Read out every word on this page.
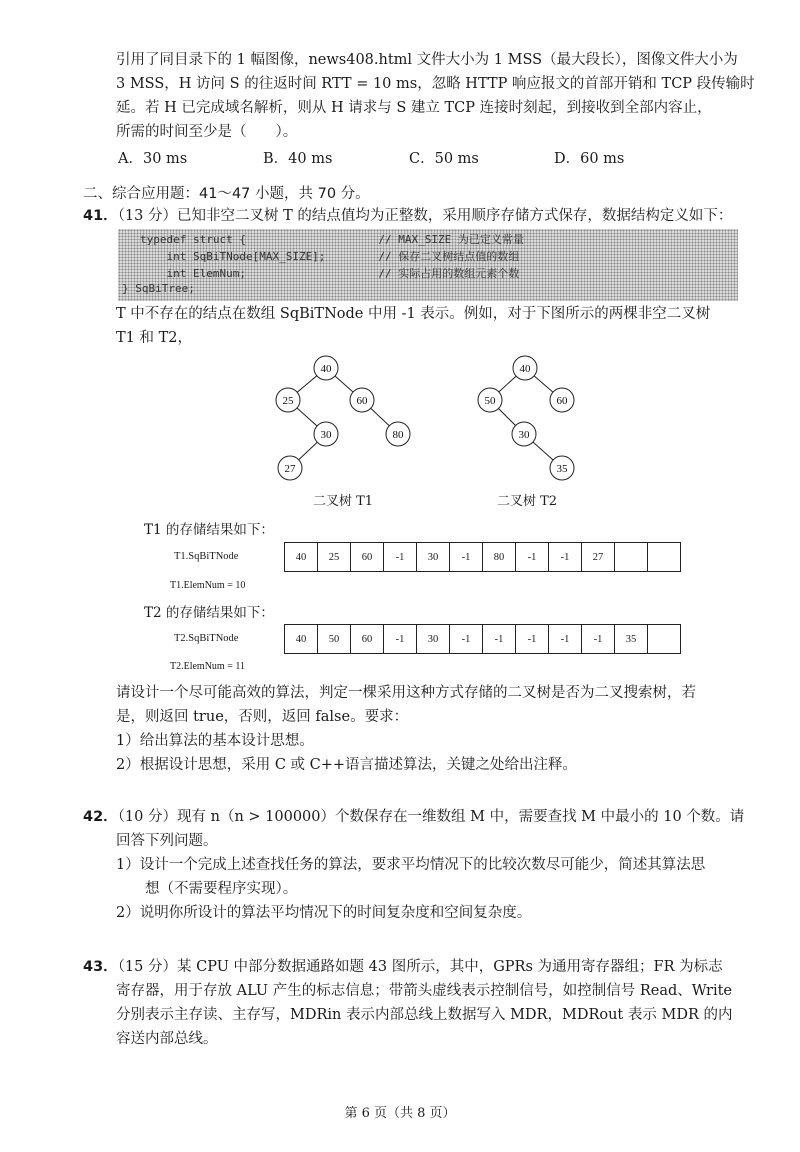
引用了同目录下的 1 幅图像，news408.html 文件大小为 1 MSS（最大段长），图像文件大小为

3 MSS，H 访问 S 的往返时间 RTT = 10 ms，忽略 HTTP 响应报文的首部开销和 TCP 段传输时

延。若 H 已完成域名解析，则从 H 请求与 S 建立 TCP 连接时刻起，到接收到全部内容止，

所需的时间至少是（　　）。

A．30 ms	B．40 ms	C．50 ms	D．60 ms
二、综合应用题：41～47 小题，共 70 分。
41．（13 分）已知非空二叉树 T 的结点值均为正整数，采用顺序存储方式保存，数据结构定义如下：
typedef struct {                    // MAX_SIZE 为已定义常量
int SqBiTNode[MAX_SIZE];        // 保存二叉树结点值的数组
int ElemNum;                    // 实际占用的数组元素个数
} SqBiTree;

T 中不存在的结点在数组 SqBiTNode 中用 -1 表示。例如，对于下图所示的两棵非空二叉树

T1 和 T2，

40
25	60
30	80
27
二叉树 T1
40
50	60
30
35
二叉树 T2
T1 的存储结果如下：
T1.SqBiTNode	40	25	60	-1	30	-1	80	-1	-1	27		
T1.ElemNum = 10
T2 的存储结果如下：
T2.SqBiTNode	40	50	60	-1	30	-1	-1	-1	-1	-1	35	
T2.ElemNum = 11

请设计一个尽可能高效的算法，判定一棵采用这种方式存储的二叉树是否为二叉搜索树，若

是，则返回 true，否则，返回 false。要求：

1）给出算法的基本设计思想。

2）根据设计思想，采用 C 或 C++语言描述算法，关键之处给出注释。

42．（10 分）现有 n（n > 100000）个数保存在一维数组 M 中，需要查找 M 中最小的 10 个数。请

回答下列问题。

1）设计一个完成上述查找任务的算法，要求平均情况下的比较次数尽可能少，简述其算法思

想（不需要程序实现）。

2）说明你所设计的算法平均情况下的时间复杂度和空间复杂度。

43．（15 分）某 CPU 中部分数据通路如题 43 图所示，其中，GPRs 为通用寄存器组；FR 为标志

寄存器，用于存放 ALU 产生的标志信息；带箭头虚线表示控制信号，如控制信号 Read、Write

分别表示主存读、主存写，MDRin 表示内部总线上数据写入 MDR，MDRout 表示 MDR 的内

容送内部总线。

第 6 页（共 8 页）
